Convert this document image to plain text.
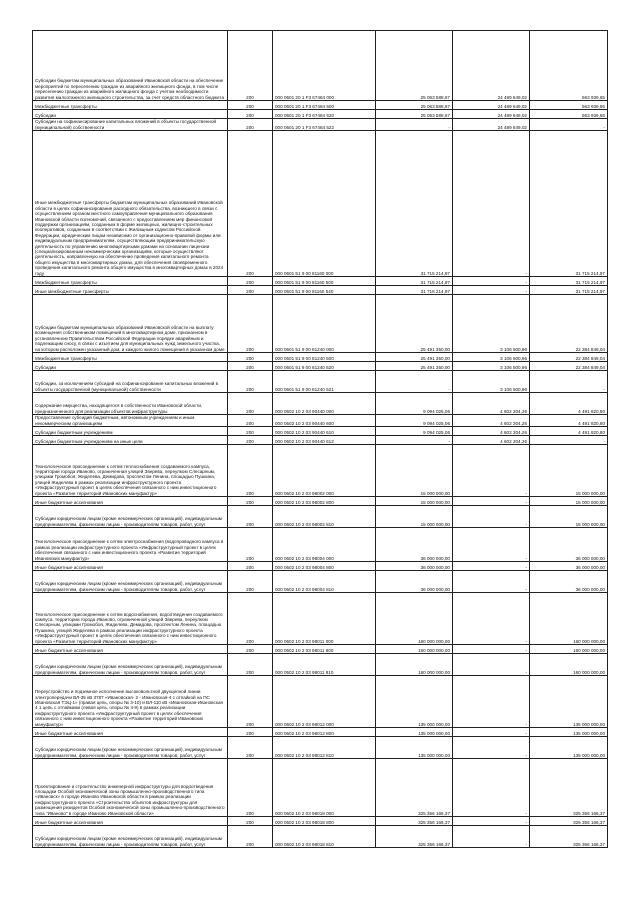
Субсидии бюджетам муниципальных образований Ивановской области на обеспечение мероприятий по переселению граждан из аварийного жилищного фонда, в том числе переселению граждан из аварийного жилищного фонда с учетом необходимости развития малоэтажного жилищного строительства, за счет средств областного бюджета	200	000 0501 20 1 F3 67484 000	25 053 588,67	24 489 649,02	563 939,65
Межбюджетные трансферты	200	000 0501 20 1 F3 67484 500	25 053 588,67	24 489 649,02	563 939,65
Субсидии	200	000 0501 20 1 F3 67484 520	25 053 588,67	24 489 649,02	563 939,65
Субсидии на софинансирование капитальных вложений в объекты государственной (муниципальной) собственности	200	000 0501 20 1 F3 67484 522	-	24 489 649,02	-
Иные межбюджетные трансферты бюджетам муниципальных образований Ивановской области в целях софинансирования расходного обязательства, возникшего в связи с осуществлением органом местного самоуправления муниципального образования Ивановской области полномочий, связанного с предоставлением мер финансовой поддержки организациям, созданным в форме жилищных, жилищно-строительных кооперативов, созданным в соответствии с Жилищным кодексом Российской Федерации, юридическим лицам независимо от организационно-правовой формы или индивидуальным предпринимателям, осуществляющим предпринимательскую деятельность по управлению многоквартирными домами на основании лицензии (специализированным некоммерческим организациям, которые осуществляют деятельность, направленную на обеспечение проведения капитального ремонта общего имущества в многоквартирных домах, для обеспечения своевременного проведения капитального ремонта общего имущества в многоквартирных домах в 2024 году	200	000 0501 51 9 00 81160 000	31 715 214,97	-	31 715 214,97
Межбюджетные трансферты	200	000 0501 51 9 00 81160 500	31 715 214,97	-	31 715 214,97
Иные межбюджетные трансферты	200	000 0501 51 9 00 81160 540	31 715 214,97	-	31 715 214,97
Субсидии бюджетам муниципальных образований Ивановской области на выплату возмещения собственникам помещений в многоквартирном доме, признанном в установленном Правительством Российской Федерации порядке аварийным и подлежащим сносу, в связи с изъятием для муниципальных нужд земельного участка, на котором расположен указанный дом, и каждого жилого помещения в указанном доме	200	000 0501 51 9 00 81240 000	25 491 350,00	3 106 500,96	22 384 849,04
Межбюджетные трансферты	200	000 0501 51 9 00 81240 500	25 491 350,00	3 106 500,96	22 384 849,04
Субсидии	200	000 0501 51 9 00 81240 520	25 491 350,00	3 106 500,96	22 384 849,04
Субсидии, за исключением субсидий на софинансирование капитальных вложений в объекты государственной (муниципальной) собственности	200	000 0501 51 9 00 81240 521	-	3 106 500,96	-
Содержание имущества, находящегося в собственности Ивановской области, предназначенного для реализации объектов инфраструктуры	200	000 0502 10 2 03 90440 000	9 094 025,06	4 602 204,26	4 491 820,80
Предоставление субсидий бюджетным, автономным учреждениям и иным некоммерческим организациям	200	000 0502 10 2 03 90440 600	9 094 025,06	4 602 204,26	4 491 820,80
Субсидии бюджетным учреждениям	200	000 0502 10 2 03 90440 610	9 094 025,06	4 602 204,26	4 491 820,80
Субсидии бюджетным учреждениям на иные цели	200	000 0502 10 2 03 90440 612	-	4 602 204,26	-
Технологическое присоединение к сетям теплоснабжения создаваемого кампуса, территории города Иваново, ограниченная улицей Зверева, переулком Слесарным, улицами Громобоя, Жиделева, Демидова, проспектом Ленина, площадью Пушкина, улицей Жиделева в рамках реализации инфраструктурного проекта «Инфраструктурный проект в целях обеспечения связанного с ним инвестиционного проекта «Развитие территорий Ивановских мануфактур»	200	000 0502 10 2 03 98002 000	15 000 000,00	-	15 000 000,00
Иные бюджетные ассигнования	200	000 0502 10 2 03 98002 800	15 000 000,00	-	15 000 000,00
Субсидии юридическим лицам (кроме некоммерческих организаций), индивидуальным предпринимателям, физическим лицам - производителям товаров, работ, услуг	200	000 0502 10 2 03 98002 810	15 000 000,00	-	15 000 000,00
Технологическое присоединение к сетям электроснабжения (водопроводного кампуса в рамках реализации инфраструктурного проекта «Инфраструктурный проект в целях обеспечения связанного с ним инвестиционного проекта «Развитие территорий Ивановских мануфактур»	200	000 0502 10 2 03 98004 000	36 000 000,00	-	36 000 000,00
Иные бюджетные ассигнования	200	000 0502 10 2 03 98004 800	36 000 000,00	-	36 000 000,00
Субсидии юридическим лицам (кроме некоммерческих организаций), индивидуальным предпринимателям, физическим лицам - производителям товаров, работ, услуг	200	000 0502 10 2 03 98004 810	36 000 000,00	-	36 000 000,00
Технологическое присоединение к сетям водоснабжения, водоотведения создаваемого кампуса, территории города Иваново, ограниченной улицей Зверева, переулком Слесарным, улицами Громобоя, Жиделева, Демидова, проспектом Ленина, площадью Пушкина, улицей Жиделева в рамках реализации инфраструктурного проекта «Инфраструктурный проект в целях обеспечения связанного с ним инвестиционного проекта «Развитие территорий Ивановских мануфактур»	200	000 0502 10 2 03 98011 000	160 000 000,00	-	160 000 000,00
Иные бюджетные ассигнования	200	000 0502 10 2 03 98011 800	160 000 000,00	-	160 000 000,00
Субсидии юридическим лицам (кроме некоммерческих организаций), индивидуальным предпринимателям, физическим лицам - производителям товаров, работ, услуг	200	000 0502 10 2 03 98011 810	160 000 000,00	-	160 000 000,00
Переустройство и подземное исполнение высоковольтной двухцепной линии электропередачи ВЛ-35 кВ 3787 «Ивановская- 2 - Ивановская-4 с отпайкой на ПС Ивановская ТЭЦ-1» (правая цепь, опоры № 3-10) и ВЛ-110 кВ «Ивановская-Ивановская 4 1 цепь с отпайками (левая цепь, опоры № 4-9) в рамках реализации инфраструктурного проекта «Инфраструктурный проект в целях обеспечения связанного с ним инвестиционного проекта «Развитие территорий Ивановских мануфактур»	200	000 0502 10 2 03 98012 000	135 000 000,00	-	135 000 000,00
Иные бюджетные ассигнования	200	000 0502 10 2 03 98012 800	135 000 000,00	-	135 000 000,00
Субсидии юридическим лицам (кроме некоммерческих организаций), индивидуальным предпринимателям, физическим лицам - производителям товаров, работ, услуг	200	000 0502 10 2 03 98012 810	135 000 000,00	-	135 000 000,00
Проектирование и строительство инженерной инфраструктуры для водоотведения площадки Особой экономической зоны промышленно-производственного типа «Ивановск» в городе Иваново Ивановской области в рамках реализации инфраструктурного проекта «Строительство объектов инфраструктуры для размещения резидентов Особой экономической зоны промышленно-производственного типа "Иваново" в городе Иваново Ивановской области»	200	000 0502 10 2 03 98018 000	325 356 166,37	-	325 356 166,37
Иные бюджетные ассигнования	200	000 0502 10 2 03 98018 800	325 356 166,37	-	325 356 166,37
Субсидии юридическим лицам (кроме некоммерческих организаций), индивидуальным предпринимателям, физическим лицам - производителям товаров, работ, услуг	200	000 0502 10 2 03 98018 810	325 356 166,37	-	325 356 166,37
